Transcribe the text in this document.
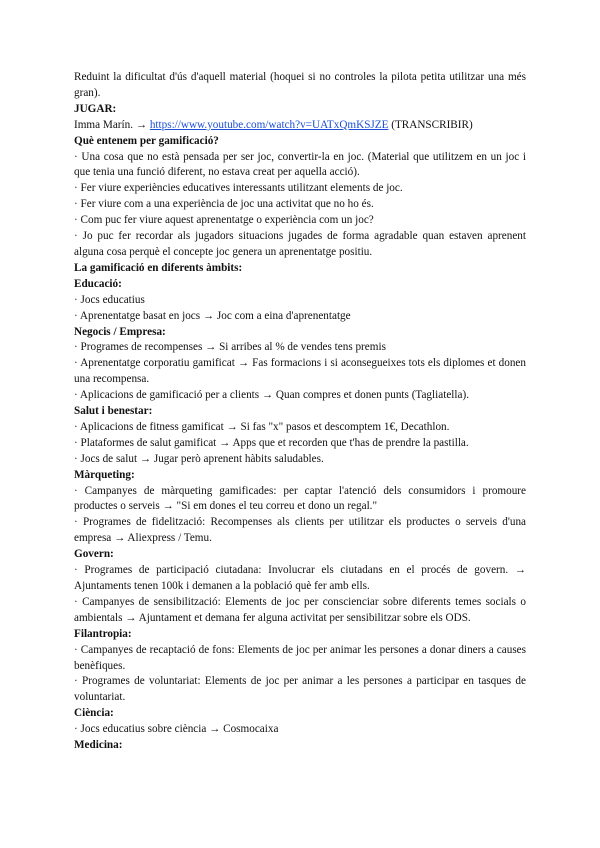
Reduint la dificultat d'ús d'aquell material (hoquei si no controles la pilota petita utilitzar una més gran).

JUGAR:

Imma Marín. → https://www.youtube.com/watch?v=UATxQmKSJZE (TRANSCRIBIR)

Què entenem per gamificació?

· Una cosa que no està pensada per ser joc, convertir-la en joc. (Material que utilitzem en un joc i que tenia una funció diferent, no estava creat per aquella acció).

· Fer viure experiències educatives interessants utilitzant elements de joc.

· Fer viure com a una experiència de joc una activitat que no ho és.

· Com puc fer viure aquest aprenentatge o experiència com un joc?

· Jo puc fer recordar als jugadors situacions jugades de forma agradable quan estaven aprenent alguna cosa perquè el concepte joc genera un aprenentatge positiu.

La gamificació en diferents àmbits:

Educació:

· Jocs educatius

· Aprenentatge basat en jocs → Joc com a eina d'aprenentatge

Negocis / Empresa:

· Programes de recompenses → Si arribes al % de vendes tens premis

· Aprenentatge corporatiu gamificat → Fas formacions i si aconsegueixes tots els diplomes et donen una recompensa.

· Aplicacions de gamificació per a clients → Quan compres et donen punts (Tagliatella).

Salut i benestar:

· Aplicacions de fitness gamificat → Si fas "x" pasos et descomptem 1€, Decathlon.

· Plataformes de salut gamificat → Apps que et recorden que t'has de prendre la pastilla.

· Jocs de salut → Jugar però aprenent hàbits saludables.

Màrqueting:

· Campanyes de màrqueting gamificades: per captar l'atenció dels consumidors i promoure productes o serveis → "Si em dones el teu correu et dono un regal."

· Programes de fidelització: Recompenses als clients per utilitzar els productes o serveis d'una empresa → Aliexpress / Temu.

Govern:

· Programes de participació ciutadana: Involucrar els ciutadans en el procés de govern. → Ajuntaments tenen 100k i demanen a la població què fer amb ells.

· Campanyes de sensibilització: Elements de joc per conscienciar sobre diferents temes socials o ambientals → Ajuntament et demana fer alguna activitat per sensibilitzar sobre els ODS.

Filantropia:

· Campanyes de recaptació de fons: Elements de joc per animar les persones a donar diners a causes benèfiques.

· Programes de voluntariat: Elements de joc per animar a les persones a participar en tasques de voluntariat.

Ciència:

· Jocs educatius sobre ciència → Cosmocaixa

Medicina:
